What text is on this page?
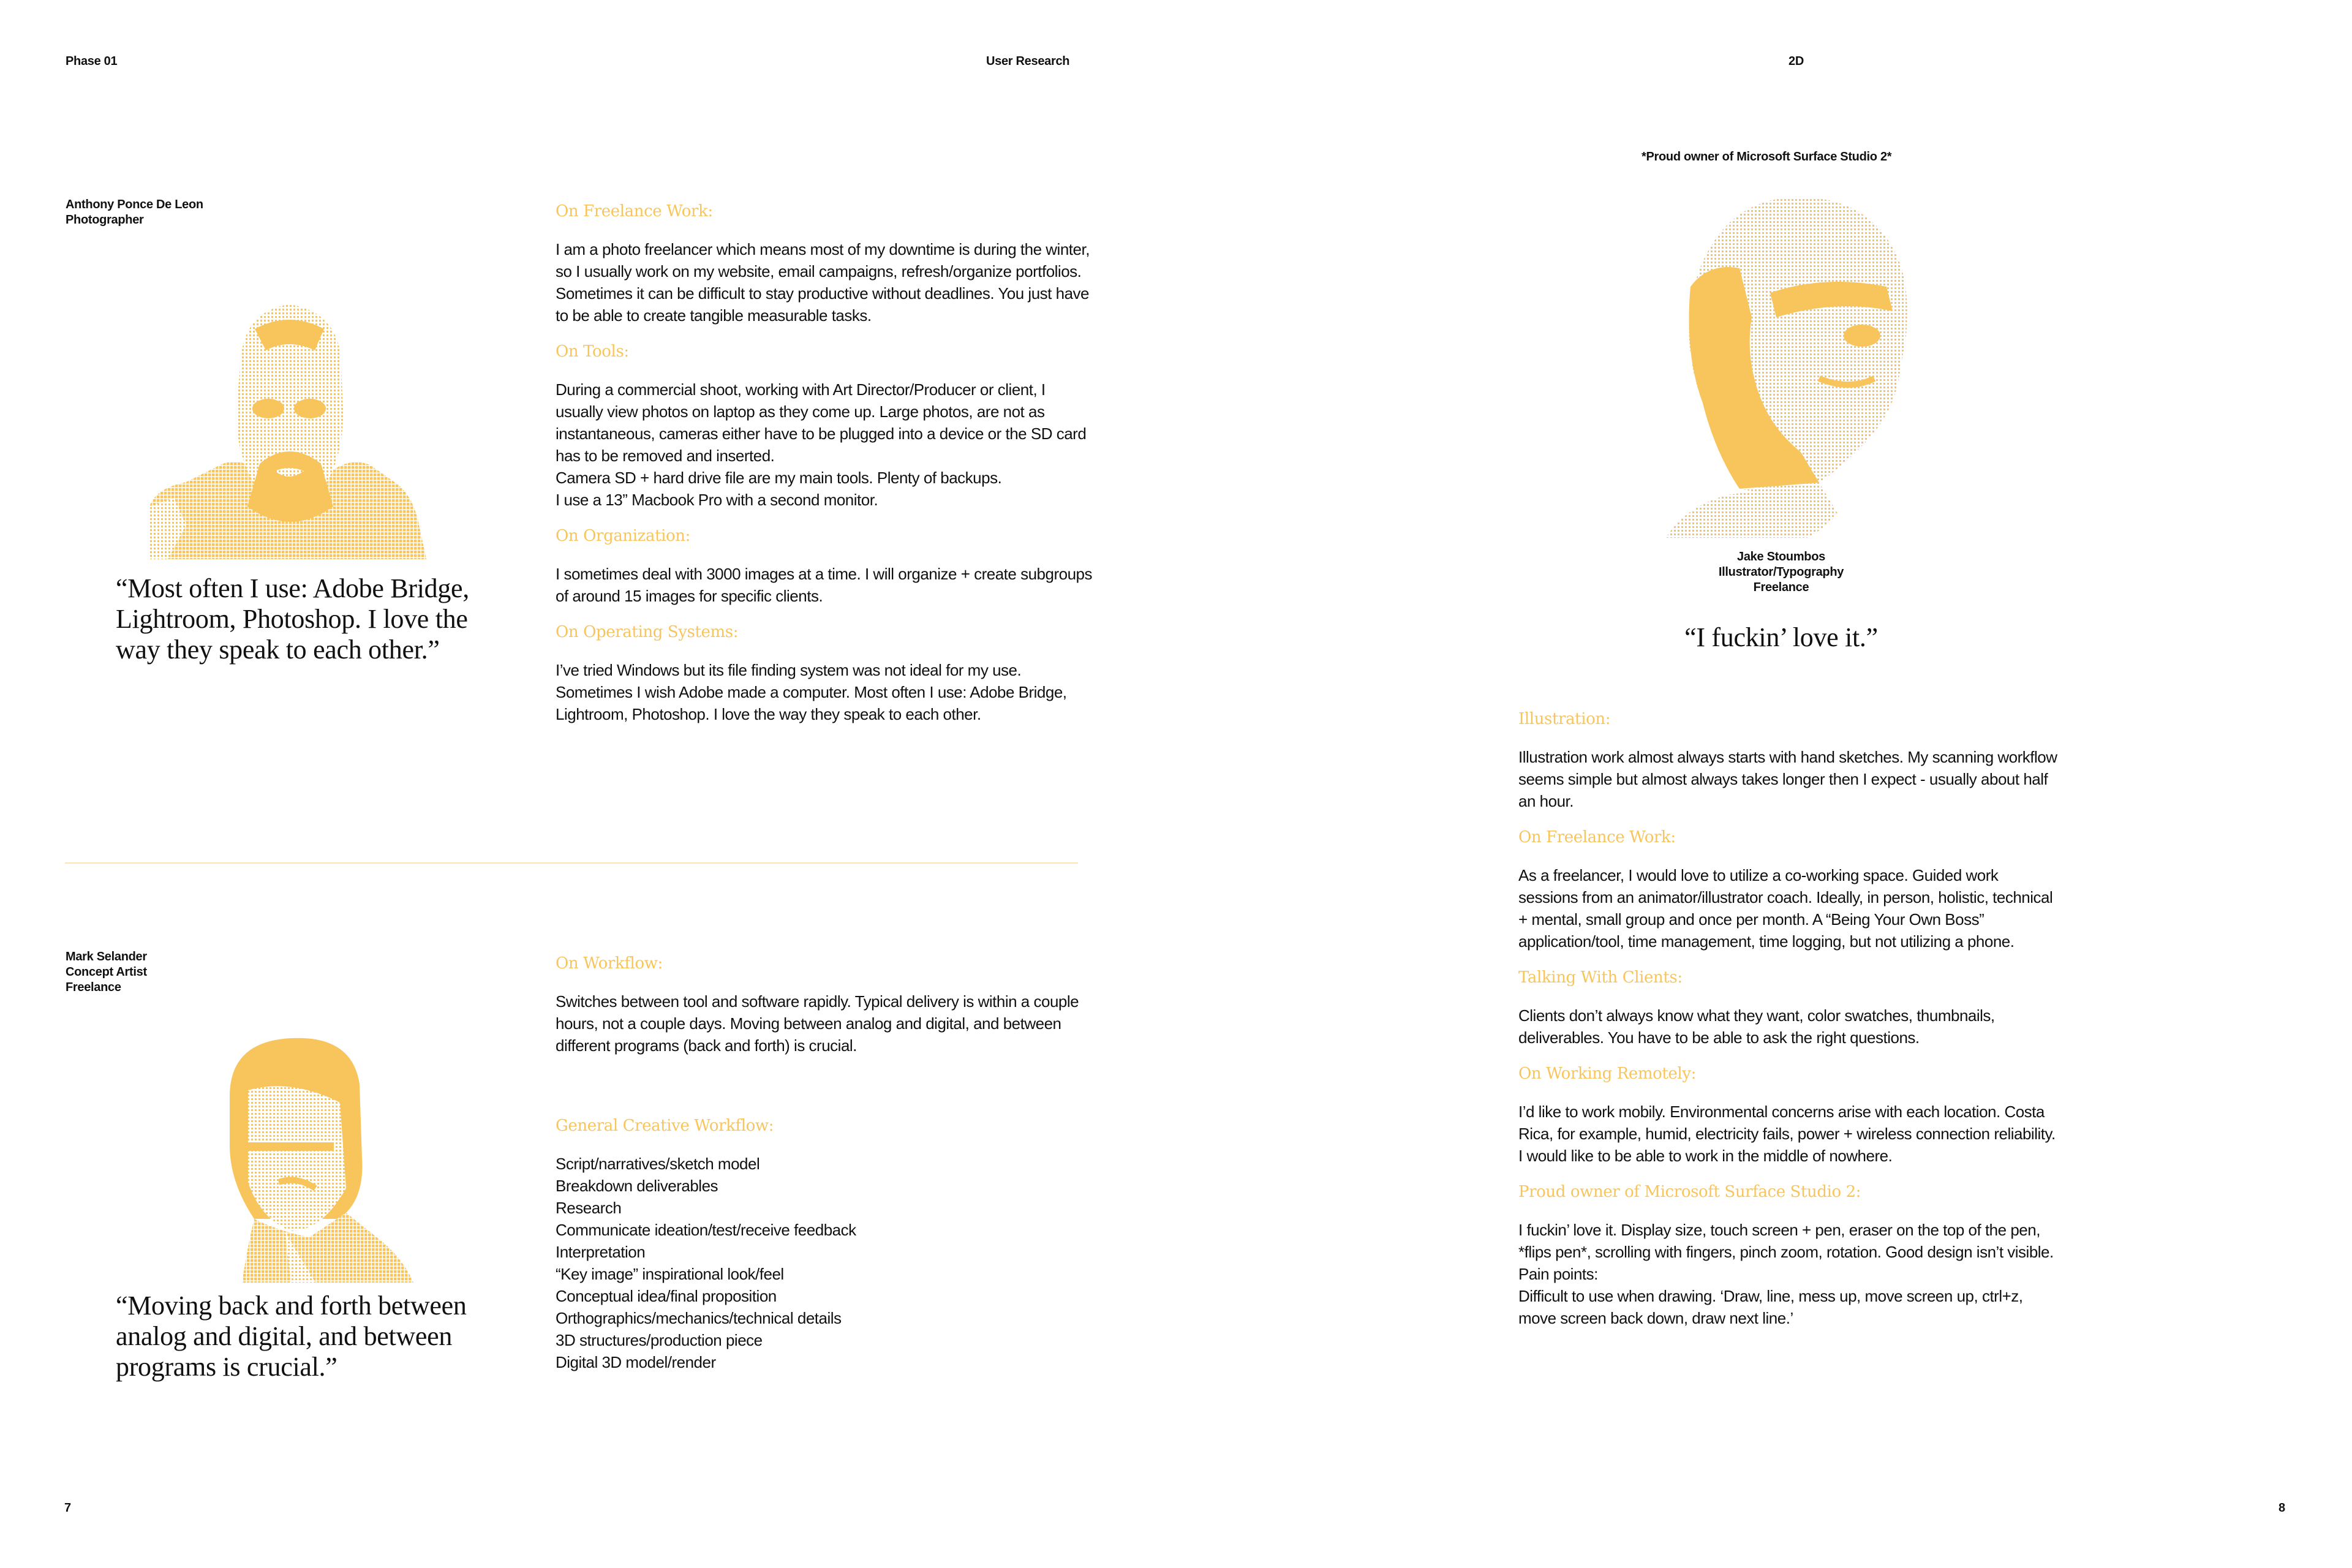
Phase 01	User Research	2D
Anthony Ponce De Leon
Photographer
“Most often I use: Adobe Bridge, Lightroom, Photoshop. I love the way they speak to each other.”
On Freelance Work:

I am a photo freelancer which means most of my downtime is during the winter, so I usually work on my website, email campaigns, refresh/organize portfolios. Sometimes it can be difficult to stay productive without deadlines. You just have to be able to create tangible measurable tasks.

On Tools:

During a commercial shoot, working with Art Director/Producer or client, I usually view photos on laptop as they come up. Large photos, are not as instantaneous, cameras either have to be plugged into a device or the SD card has to be removed and inserted.
Camera SD + hard drive file are my main tools. Plenty of backups.
I use a 13” Macbook Pro with a second monitor.

On Organization:

I sometimes deal with 3000 images at a time. I will organize + create subgroups of around 15 images for specific clients.

On Operating Systems:

I’ve tried Windows but its file finding system was not ideal for my use. Sometimes I wish Adobe made a computer. Most often I use: Adobe Bridge, Lightroom, Photoshop. I love the way they speak to each other.

Mark Selander
Concept Artist
Freelance
“Moving back and forth between analog and digital, and between programs is crucial.”
On Workflow:

Switches between tool and software rapidly. Typical delivery is within a couple hours, not a couple days. Moving between analog and digital, and between different programs (back and forth) is crucial.

General Creative Workflow:
Script/narratives/sketch model
Breakdown deliverables
Research
Communicate ideation/test/receive feedback
Interpretation
“Key image” inspirational look/feel
Conceptual idea/final proposition
Orthographics/mechanics/technical details
3D structures/production piece
Digital 3D model/render
7
*Proud owner of Microsoft Surface Studio 2*
Jake Stoumbos
Illustrator/Typography
Freelance
“I fuckin’ love it.”
Illustration:

Illustration work almost always starts with hand sketches. My scanning workflow seems simple but almost always takes longer then I expect - usually about half an hour.

On Freelance Work:

As a freelancer, I would love to utilize a co-working space. Guided work sessions from an animator/illustrator coach. Ideally, in person, holistic, technical + mental, small group and once per month. A “Being Your Own Boss” application/tool, time management, time logging, but not utilizing a phone.

Talking With Clients:

Clients don’t always know what they want, color swatches, thumbnails, deliverables. You have to be able to ask the right questions.

On Working Remotely:

I’d like to work mobily. Environmental concerns arise with each location. Costa Rica, for example, humid, electricity fails, power + wireless connection reliability. I would like to be able to work in the middle of nowhere.

Proud owner of Microsoft Surface Studio 2:

I fuckin’ love it. Display size, touch screen + pen, eraser on the top of the pen, *flips pen*, scrolling with fingers, pinch zoom, rotation. Good design isn’t visible.
Pain points:
Difficult to use when drawing. ‘Draw, line, mess up, move screen up, ctrl+z, move screen back down, draw next line.’

8
